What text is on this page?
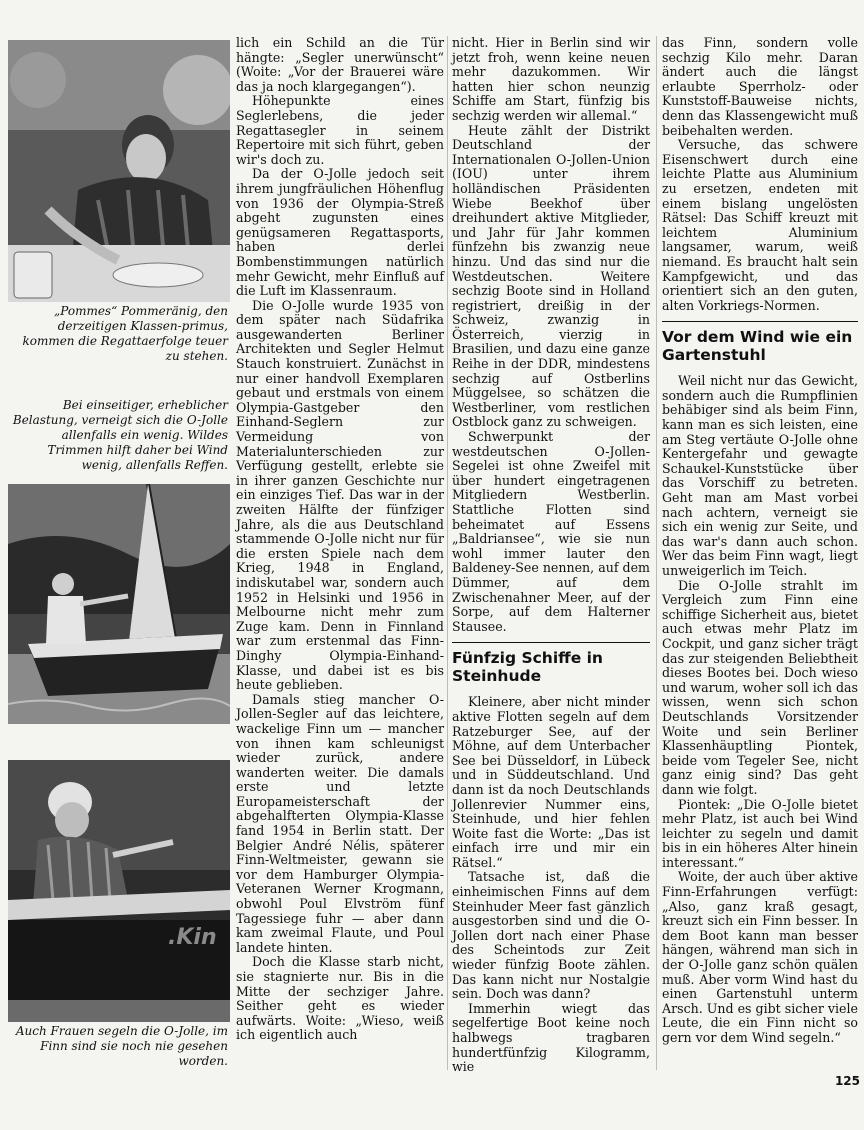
„Pommes“ Pommeränig, den derzeitigen Klassen-primus, kommen die Regattaerfolge teuer zu stehen.
Bei einseitiger, erheblicher Belastung, verneigt sich die O-Jolle allenfalls ein wenig. Wildes Trimmen hilft daher bei Wind wenig, allenfalls Reffen.
.Kin
Auch Frauen segeln die O-Jolle, im Finn sind sie noch nie gesehen worden.

lich ein Schild an die Tür hängte: „Segler unerwünscht“ (Woite: „Vor der Brauerei wäre das ja noch klargegangen“).

Höhepunkte eines Seglerlebens, die jeder Regattasegler in seinem Repertoire mit sich führt, geben wir's doch zu.

Da der O-Jolle jedoch seit ihrem jungfräulichen Höhenflug von 1936 der Olympia-Streß abgeht zugunsten eines genügsameren Regattasports, haben derlei Bombenstimmungen natürlich mehr Gewicht, mehr Einfluß auf die Luft im Klassenraum.

Die O-Jolle wurde 1935 von dem später nach Südafrika ausgewanderten Berliner Architekten und Segler Helmut Stauch konstruiert. Zunächst in nur einer handvoll Exemplaren gebaut und erstmals von einem Olympia-Gastgeber den Einhand-Seglern zur Vermeidung von Materialunterschieden zur Verfügung gestellt, erlebte sie in ihrer ganzen Geschichte nur ein einziges Tief. Das war in der zweiten Hälfte der fünfziger Jahre, als die aus Deutschland stammende O-Jolle nicht nur für die ersten Spiele nach dem Krieg, 1948 in England, indiskutabel war, sondern auch 1952 in Helsinki und 1956 in Melbourne nicht mehr zum Zuge kam. Denn in Finnland war zum erstenmal das Finn-Dinghy Olympia-Einhand-Klasse, und dabei ist es bis heute geblieben.

Damals stieg mancher O-Jollen-Segler auf das leichtere, wackelige Finn um — mancher von ihnen kam schleunigst wieder zurück, andere wanderten weiter. Die damals erste und letzte Europameisterschaft der abgehalfterten Olympia-Klasse fand 1954 in Berlin statt. Der Belgier André Nélis, späterer Finn-Weltmeister, gewann sie vor dem Hamburger Olympia-Veteranen Werner Krogmann, obwohl Poul Elvström fünf Tagessiege fuhr — aber dann kam zweimal Flaute, und Poul landete hinten.

Doch die Klasse starb nicht, sie stagnierte nur. Bis in die Mitte der sechziger Jahre. Seither geht es wieder aufwärts. Woite: „Wieso, weiß ich eigentlich auch

nicht. Hier in Berlin sind wir jetzt froh, wenn keine neuen mehr dazukommen. Wir hatten hier schon neunzig Schiffe am Start, fünfzig bis sechzig werden wir allemal.“

Heute zählt der Distrikt Deutschland der Internationalen O-Jollen-Union (IOU) unter ihrem holländischen Präsidenten Wiebe Beekhof über dreihundert aktive Mitglieder, und Jahr für Jahr kommen fünfzehn bis zwanzig neue hinzu. Und das sind nur die Westdeutschen. Weitere sechzig Boote sind in Holland registriert, dreißig in der Schweiz, zwanzig in Österreich, vierzig in Brasilien, und dazu eine ganze Reihe in der DDR, mindestens sechzig auf Ostberlins Müggelsee, so schätzen die Westberliner, vom restlichen Ostblock ganz zu schweigen.

Schwerpunkt der westdeutschen O-Jollen-Segelei ist ohne Zweifel mit über hundert eingetragenen Mitgliedern Westberlin. Stattliche Flotten sind beheimatet auf Essens „Baldriansee“, wie sie nun wohl immer lauter den Baldeney-See nennen, auf dem Dümmer, auf dem Zwischenahner Meer, auf der Sorpe, auf dem Halterner Stausee.

Fünfzig Schiffe in Steinhude

Kleinere, aber nicht minder aktive Flotten segeln auf dem Ratzeburger See, auf der Möhne, auf dem Unterbacher See bei Düsseldorf, in Lübeck und in Süddeutschland. Und dann ist da noch Deutschlands Jollenrevier Nummer eins, Steinhude, und hier fehlen Woite fast die Worte: „Das ist einfach irre und mir ein Rätsel.“

Tatsache ist, daß die einheimischen Finns auf dem Steinhuder Meer fast gänzlich ausgestorben sind und die O-Jollen dort nach einer Phase des Scheintods zur Zeit wieder fünfzig Boote zählen. Das kann nicht nur Nostalgie sein. Doch was dann?

Immerhin wiegt das segelfertige Boot keine noch halbwegs tragbaren hundertfünfzig Kilogramm, wie

das Finn, sondern volle sechzig Kilo mehr. Daran ändert auch die längst erlaubte Sperrholz- oder Kunststoff-Bauweise nichts, denn das Klassengewicht muß beibehalten werden.

Versuche, das schwere Eisenschwert durch eine leichte Platte aus Aluminium zu ersetzen, endeten mit einem bislang ungelösten Rätsel: Das Schiff kreuzt mit leichtem Aluminium langsamer, warum, weiß niemand. Es braucht halt sein Kampfgewicht, und das orientiert sich an den guten, alten Vorkriegs-Normen.

Vor dem Wind wie ein Gartenstuhl

Weil nicht nur das Gewicht, sondern auch die Rumpflinien behäbiger sind als beim Finn, kann man es sich leisten, eine am Steg vertäute O-Jolle ohne Kentergefahr und gewagte Schaukel-Kunststücke über das Vorschiff zu betreten. Geht man am Mast vorbei nach achtern, verneigt sie sich ein wenig zur Seite, und das war's dann auch schon. Wer das beim Finn wagt, liegt unweigerlich im Teich.

Die O-Jolle strahlt im Vergleich zum Finn eine schiffige Sicherheit aus, bietet auch etwas mehr Platz im Cockpit, und ganz sicher trägt das zur steigenden Beliebtheit dieses Bootes bei. Doch wieso und warum, woher soll ich das wissen, wenn sich schon Deutschlands Vorsitzender Woite und sein Berliner Klassenhäuptling Piontek, beide vom Tegeler See, nicht ganz einig sind? Das geht dann wie folgt.

Piontek: „Die O-Jolle bietet mehr Platz, ist auch bei Wind leichter zu segeln und damit bis in ein höheres Alter hinein interessant.“

Woite, der auch über aktive Finn-Erfahrungen verfügt: „Also, ganz kraß gesagt, kreuzt sich ein Finn besser. In dem Boot kann man besser hängen, während man sich in der O-Jolle ganz schön quälen muß. Aber vorm Wind hast du einen Gartenstuhl unterm Arsch. Und es gibt sicher viele Leute, die ein Finn nicht so gern vor dem Wind segeln.“

125
